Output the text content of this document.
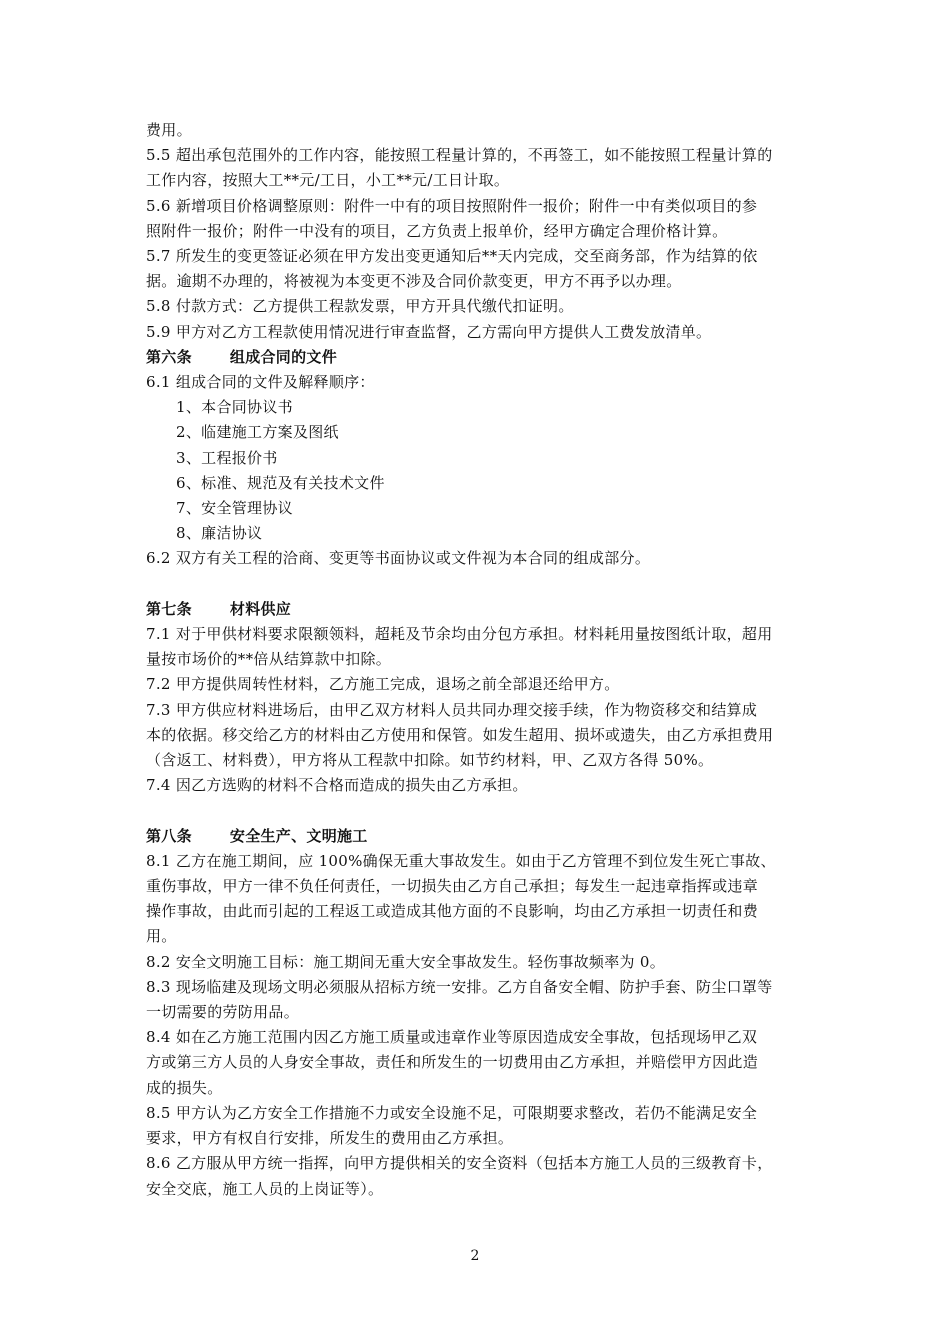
费用。
5.5 超出承包范围外的工作内容，能按照工程量计算的，不再签工，如不能按照工程量计算的
工作内容，按照大工**元/工日，小工**元/工日计取。
5.6 新增项目价格调整原则：附件一中有的项目按照附件一报价；附件一中有类似项目的参
照附件一报价；附件一中没有的项目，乙方负责上报单价，经甲方确定合理价格计算。
5.7 所发生的变更签证必须在甲方发出变更通知后**天内完成，交至商务部，作为结算的依
据。逾期不办理的，将被视为本变更不涉及合同价款变更，甲方不再予以办理。
5.8 付款方式：乙方提供工程款发票，甲方开具代缴代扣证明。
5.9 甲方对乙方工程款使用情况进行审查监督，乙方需向甲方提供人工费发放清单。
第六条	组成合同的文件
6.1 组成合同的文件及解释顺序：
1、本合同协议书
2、临建施工方案及图纸
3、工程报价书
6、标准、规范及有关技术文件
7、安全管理协议
8、廉洁协议
6.2 双方有关工程的洽商、变更等书面协议或文件视为本合同的组成部分。
第七条	材料供应
7.1 对于甲供材料要求限额领料，超耗及节余均由分包方承担。材料耗用量按图纸计取，超用
量按市场价的**倍从结算款中扣除。
7.2 甲方提供周转性材料，乙方施工完成，退场之前全部退还给甲方。
7.3 甲方供应材料进场后，由甲乙双方材料人员共同办理交接手续，作为物资移交和结算成
本的依据。移交给乙方的材料由乙方使用和保管。如发生超用、损坏或遗失，由乙方承担费用
（含返工、材料费），甲方将从工程款中扣除。如节约材料，甲、乙双方各得 50%。
7.4 因乙方选购的材料不合格而造成的损失由乙方承担。
第八条	安全生产、文明施工
8.1 乙方在施工期间，应 100%确保无重大事故发生。如由于乙方管理不到位发生死亡事故、
重伤事故，甲方一律不负任何责任，一切损失由乙方自己承担；每发生一起违章指挥或违章
操作事故，由此而引起的工程返工或造成其他方面的不良影响，均由乙方承担一切责任和费
用。
8.2 安全文明施工目标：施工期间无重大安全事故发生。轻伤事故频率为 0。
8.3 现场临建及现场文明必须服从招标方统一安排。乙方自备安全帽、防护手套、防尘口罩等
一切需要的劳防用品。
8.4 如在乙方施工范围内因乙方施工质量或违章作业等原因造成安全事故，包括现场甲乙双
方或第三方人员的人身安全事故，责任和所发生的一切费用由乙方承担，并赔偿甲方因此造
成的损失。
8.5 甲方认为乙方安全工作措施不力或安全设施不足，可限期要求整改，若仍不能满足安全
要求，甲方有权自行安排，所发生的费用由乙方承担。
8.6 乙方服从甲方统一指挥，向甲方提供相关的安全资料（包括本方施工人员的三级教育卡，
安全交底，施工人员的上岗证等）。
2
